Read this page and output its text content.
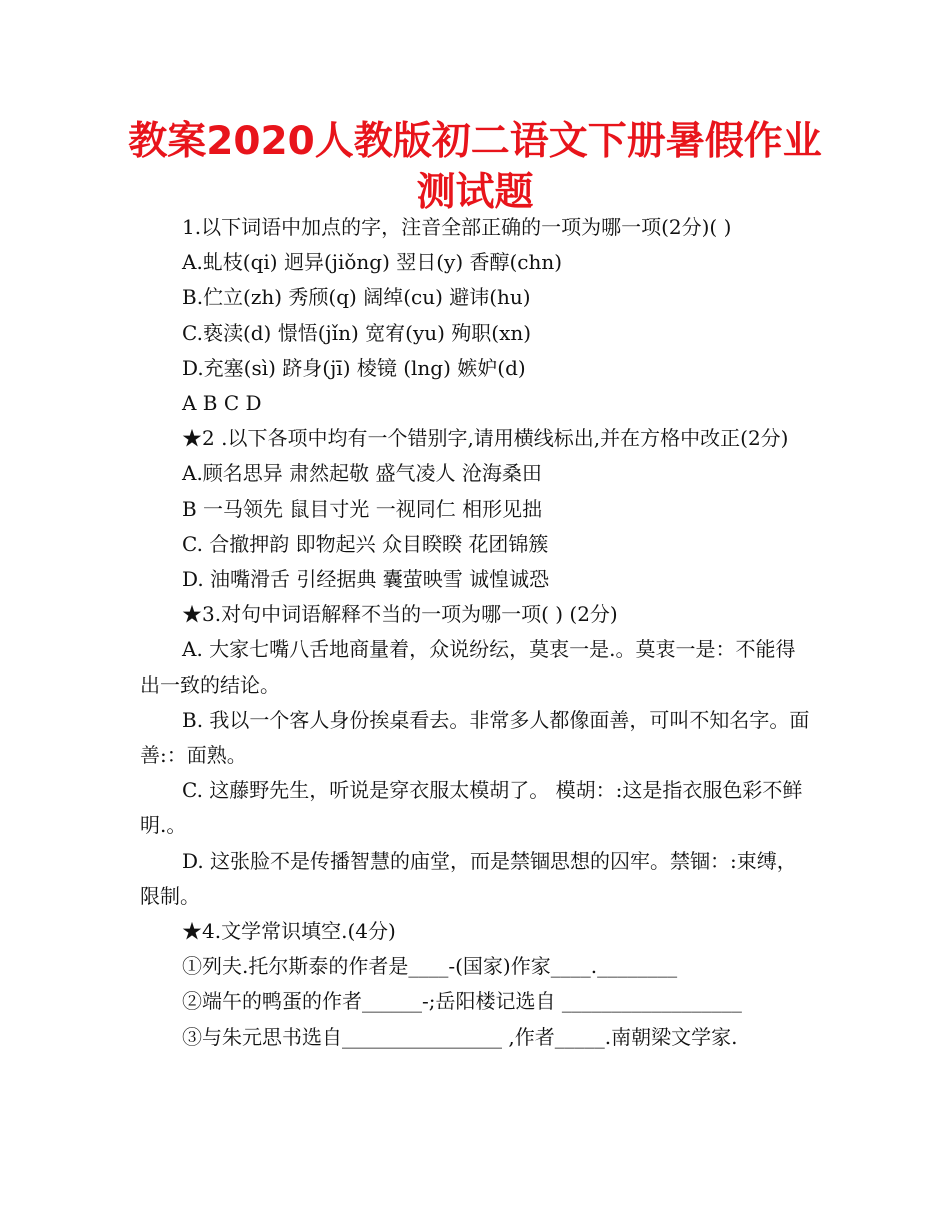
教案2020人教版初二语文下册暑假作业测试题

1.以下词语中加点的字，注音全部正确的一项为哪一项(2分)( )

A.虬枝(qi) 迥异(jiǒng) 翌日(y) 香醇(chn)

B.伫立(zh) 秀颀(q) 阔绰(cu) 避讳(hu)

C.亵渎(d) 憬悟(jǐn) 宽宥(yu) 殉职(xn)

D.充塞(sì) 跻身(jī) 棱镜 (lng) 嫉妒(d)

A B C D

★2 .以下各项中均有一个错别字,请用横线标出,并在方格中改正(2分)

A.顾名思异 肃然起敬 盛气凌人 沧海桑田

B 一马领先 鼠目寸光 一视同仁 相形见拙

C. 合撤押韵 即物起兴 众目睽睽 花团锦簇

D. 油嘴滑舌 引经据典 囊萤映雪 诚惶诚恐

★3.对句中词语解释不当的一项为哪一项( ) (2分)

A. 大家七嘴八舌地商量着，众说纷纭，莫衷一是.。莫衷一是：不能得出一致的结论。

B. 我以一个客人身份挨桌看去。非常多人都像面善，可叫不知名字。面善:：面熟。

C. 这藤野先生，听说是穿衣服太模胡了。 模胡：:这是指衣服色彩不鲜明.。

D. 这张脸不是传播智慧的庙堂，而是禁锢思想的囚牢。禁锢：:束缚，限制。

★4.文学常识填空.(4分)

①列夫.托尔斯泰的作者是____-(国家)作家____.________

②端午的鸭蛋的作者______-;岳阳楼记选自 __________________

③与朱元思书选自________________ ,作者_____.南朝梁文学家.
